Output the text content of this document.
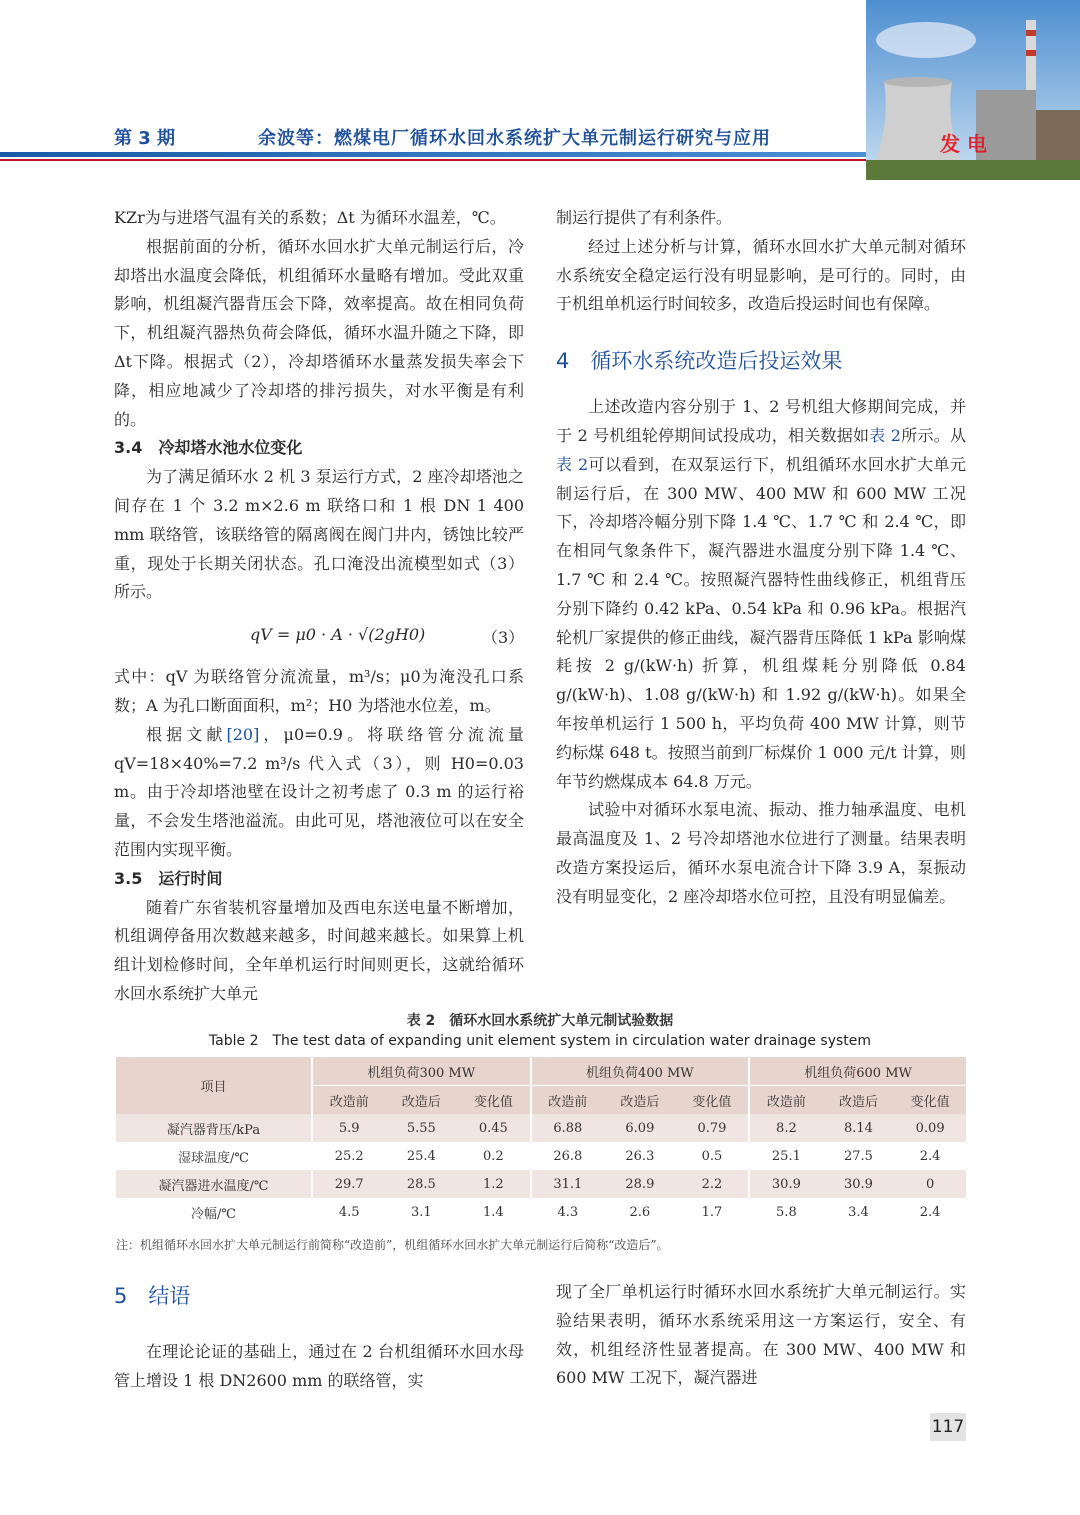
第 3 期	余波等：燃煤电厂循环水回水系统扩大单元制运行研究与应用	发 电

KZr为与进塔气温有关的系数；Δt 为循环水温差，℃。

根据前面的分析，循环水回水扩大单元制运行后，冷却塔出水温度会降低，机组循环水量略有增加。受此双重影响，机组凝汽器背压会下降，效率提高。故在相同负荷下，机组凝汽器热负荷会降低，循环水温升随之下降，即Δt下降。根据式（2），冷却塔循环水量蒸发损失率会下降，相应地减少了冷却塔的排污损失，对水平衡是有利的。

3.4　冷却塔水池水位变化

为了满足循环水 2 机 3 泵运行方式，2 座冷却塔池之间存在 1 个 3.2 m×2.6 m 联络口和 1 根 DN 1 400 mm 联络管，该联络管的隔离阀在阀门井内，锈蚀比较严重，现处于长期关闭状态。孔口淹没出流模型如式（3）所示。

qV = μ0 · A · √(2gH0)	（3）

式中：qV 为联络管分流流量，m³/s；μ0为淹没孔口系数；A 为孔口断面面积，m²；H0 为塔池水位差，m。

根据文献[20]，μ0=0.9。将联络管分流流量 qV=18×40%=7.2 m³/s 代入式（3），则 H0=0.03 m。由于冷却塔池壁在设计之初考虑了 0.3 m 的运行裕量，不会发生塔池溢流。由此可见，塔池液位可以在安全范围内实现平衡。

3.5　运行时间

随着广东省装机容量增加及西电东送电量不断增加，机组调停备用次数越来越多，时间越来越长。如果算上机组计划检修时间，全年单机运行时间则更长，这就给循环水回水系统扩大单元

制运行提供了有利条件。

经过上述分析与计算，循环水回水扩大单元制对循环水系统安全稳定运行没有明显影响，是可行的。同时，由于机组单机运行时间较多，改造后投运时间也有保障。

4　循环水系统改造后投运效果

上述改造内容分别于 1、2 号机组大修期间完成，并于 2 号机组轮停期间试投成功，相关数据如表 2所示。从表 2可以看到，在双泵运行下，机组循环水回水扩大单元制运行后，在 300 MW、400 MW 和 600 MW 工况下，冷却塔冷幅分别下降 1.4 ℃、1.7 ℃ 和 2.4 ℃，即在相同气象条件下，凝汽器进水温度分别下降 1.4 ℃、1.7 ℃ 和 2.4 ℃。按照凝汽器特性曲线修正，机组背压分别下降约 0.42 kPa、0.54 kPa 和 0.96 kPa。根据汽轮机厂家提供的修正曲线，凝汽器背压降低 1 kPa 影响煤耗按 2 g/(kW·h) 折算，机组煤耗分别降低 0.84 g/(kW·h)、1.08 g/(kW·h) 和 1.92 g/(kW·h)。如果全年按单机运行 1 500 h，平均负荷 400 MW 计算，则节约标煤 648 t。按照当前到厂标煤价 1 000 元/t 计算，则年节约燃煤成本 64.8 万元。

试验中对循环水泵电流、振动、推力轴承温度、电机最高温度及 1、2 号冷却塔池水位进行了测量。结果表明改造方案投运后，循环水泵电流合计下降 3.9 A，泵振动没有明显变化，2 座冷却塔水位可控，且没有明显偏差。

表 2　循环水回水系统扩大单元制试验数据
Table 2　The test data of expanding unit element system in circulation water drainage system
项目	机组负荷300 MW			机组负荷400 MW			机组负荷600 MW		
	改造前	改造后	变化值	改造前	改造后	变化值	改造前	改造后	变化值
凝汽器背压/kPa	5.9	5.55	0.45	6.88	6.09	0.79	8.2	8.14	0.09
湿球温度/℃	25.2	25.4	0.2	26.8	26.3	0.5	25.1	27.5	2.4
凝汽器进水温度/℃	29.7	28.5	1.2	31.1	28.9	2.2	30.9	30.9	0
冷幅/℃	4.5	3.1	1.4	4.3	2.6	1.7	5.8	3.4	2.4
注：机组循环水回水扩大单元制运行前简称“改造前”，机组循环水回水扩大单元制运行后简称“改造后”。
5　结语

在理论论证的基础上，通过在 2 台机组循环水回水母管上增设 1 根 DN2600 mm 的联络管，实

现了全厂单机运行时循环水回水系统扩大单元制运行。实验结果表明，循环水系统采用这一方案运行，安全、有效，机组经济性显著提高。在 300 MW、400 MW 和 600 MW 工况下，凝汽器进

117
